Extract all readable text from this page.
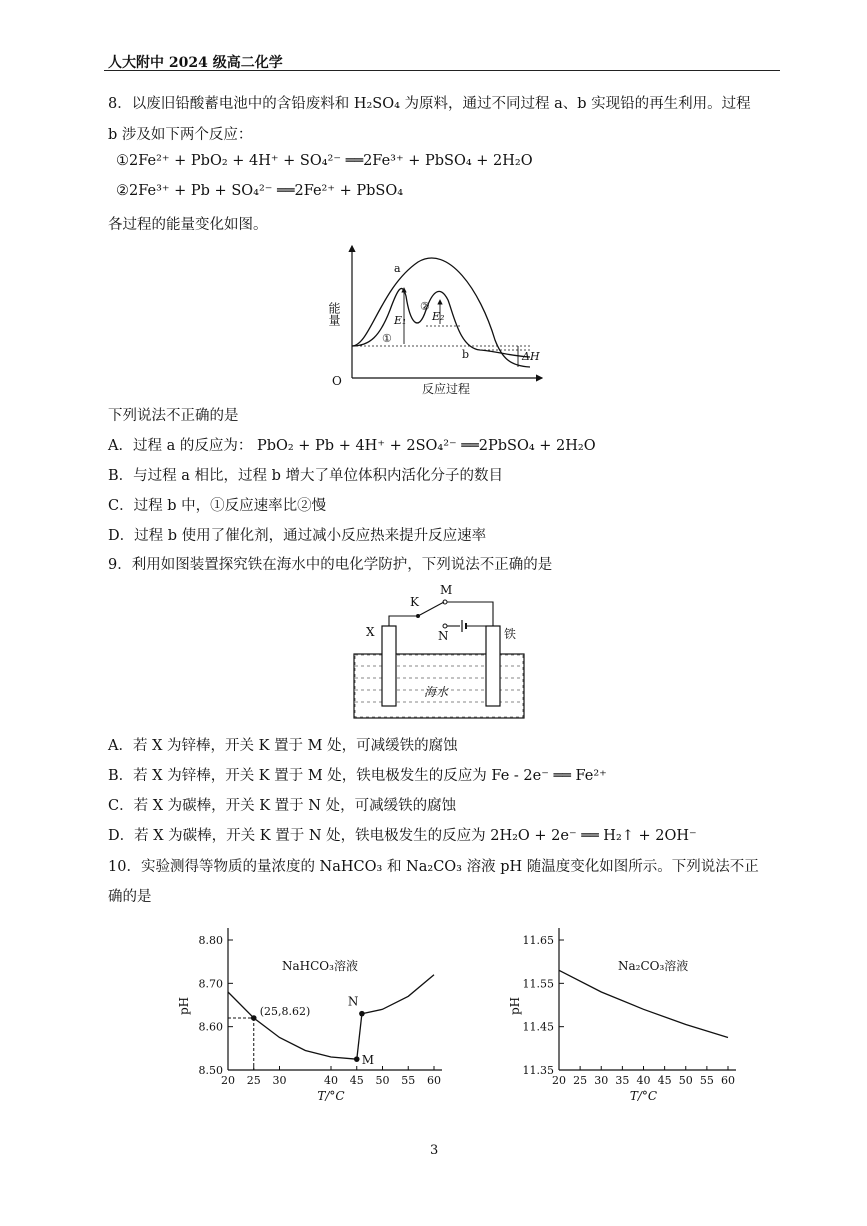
人大附中 2024 级高二化学
8．以废旧铅酸蓄电池中的含铅废料和 H₂SO₄ 为原料，通过不同过程 a、b 实现铅的再生利用。过程
b 涉及如下两个反应：
①2Fe²⁺ + PbO₂ + 4H⁺ + SO₄²⁻ ══2Fe³⁺ + PbSO₄ + 2H₂O
②2Fe³⁺ + Pb + SO₄²⁻ ══2Fe²⁺ + PbSO₄
各过程的能量变化如图。
O
能量
反应过程
a
b
①
②
E₁ E₂
ΔH
下列说法不正确的是
A．过程 a 的反应为： PbO₂ + Pb + 4H⁺ + 2SO₄²⁻ ══2PbSO₄ + 2H₂O
B．与过程 a 相比，过程 b 增大了单位体积内活化分子的数目
C．过程 b 中，①反应速率比②慢
D．过程 b 使用了催化剂，通过减小反应热来提升反应速率
9．利用如图装置探究铁在海水中的电化学防护，下列说法不正确的是
K
M
N
X	铁
海水
A．若 X 为锌棒，开关 K 置于 M 处，可减缓铁的腐蚀
B．若 X 为锌棒，开关 K 置于 M 处，铁电极发生的反应为 Fe - 2e⁻ ══ Fe²⁺
C．若 X 为碳棒，开关 K 置于 N 处，可减缓铁的腐蚀
D．若 X 为碳棒，开关 K 置于 N 处，铁电极发生的反应为 2H₂O + 2e⁻ ══ H₂↑ + 2OH⁻
10．实验测得等物质的量浓度的 NaHCO₃ 和 Na₂CO₃ 溶液 pH 随温度变化如图所示。下列说法不正
确的是
8.50
8.60
8.70
8.80
20 25 30	40 45 50 55 60
T/°C
pH
NaHCO₃溶液
(25,8.62)
M
N
11.35
11.45
11.55
11.65
20 25 30 35 40 45 50 55 60
T/°C
pH
Na₂CO₃溶液
3
